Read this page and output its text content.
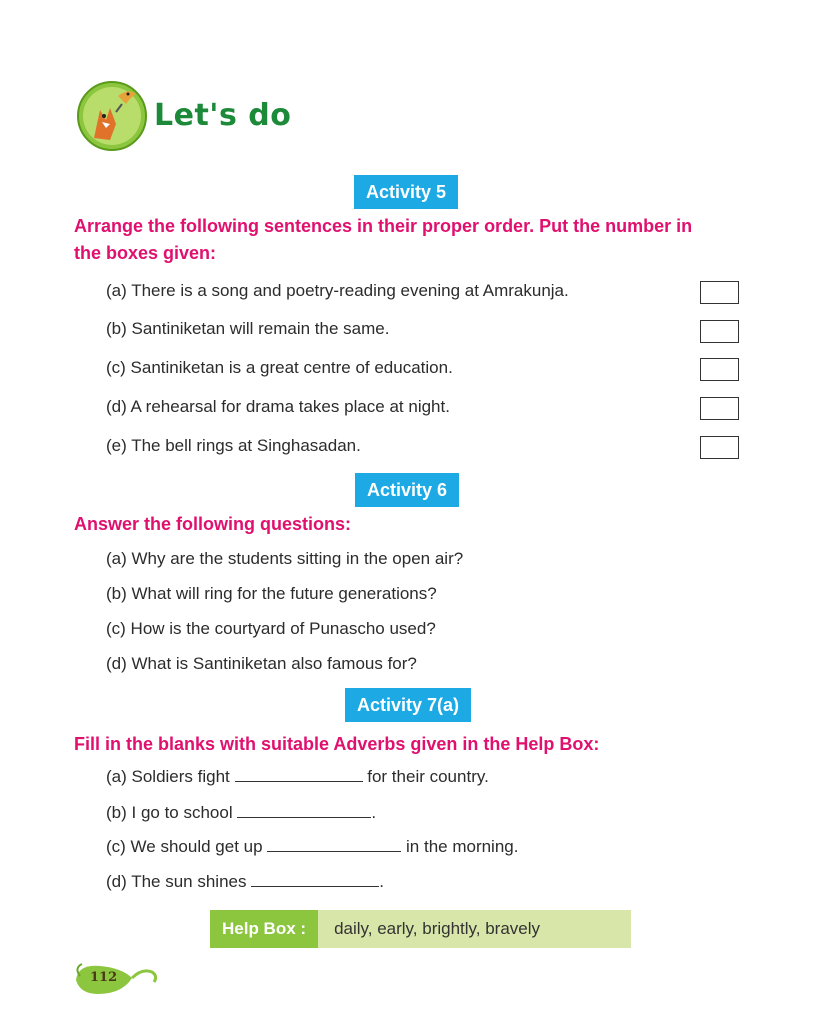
Let's do
Activity 5
Arrange the following sentences in their proper order. Put the number in
the boxes given:
(a) There is a song and poetry-reading evening at Amrakunja.
(b) Santiniketan will remain the same.
(c) Santiniketan is a great centre of education.
(d) A rehearsal for drama takes place at night.
(e) The bell rings at Singhasadan.
Activity 6
Answer the following questions:
(a) Why are the students sitting in the open air?
(b) What will ring for the future generations?
(c) How is the courtyard of Punascho used?
(d) What is Santiniketan also famous for?
Activity 7(a)
Fill in the blanks with suitable Adverbs given in the Help Box:
(a) Soldiers fight	for their country.
(b) I go to school	.
(c) We should get up	in the morning.
(d) The sun shines	.
Help Box :	daily, early, brightly, bravely
112
